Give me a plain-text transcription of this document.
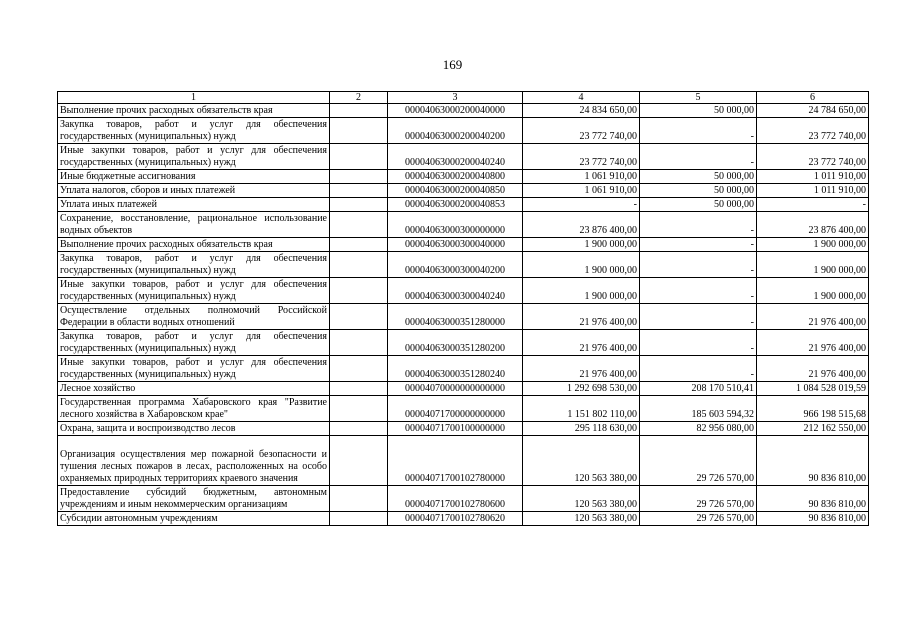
169
1	2	3	4	5	6
Выполнение прочих расходных обязательств края		00004063000200040000	24 834 650,00	50 000,00	24 784 650,00
Закупка товаров, работ и услуг для обеспечения государственных (муниципальных) нужд		00004063000200040200	23 772 740,00	-	23 772 740,00
Иные закупки товаров, работ и услуг для обеспечения государственных (муниципальных) нужд		00004063000200040240	23 772 740,00	-	23 772 740,00
Иные бюджетные ассигнования		00004063000200040800	1 061 910,00	50 000,00	1 011 910,00
Уплата налогов, сборов и иных платежей		00004063000200040850	1 061 910,00	50 000,00	1 011 910,00
Уплата иных платежей		00004063000200040853	-	50 000,00	-
Сохранение, восстановление, рациональное использование водных объектов		00004063000300000000	23 876 400,00	-	23 876 400,00
Выполнение прочих расходных обязательств края		00004063000300040000	1 900 000,00	-	1 900 000,00
Закупка товаров, работ и услуг для обеспечения государственных (муниципальных) нужд		00004063000300040200	1 900 000,00	-	1 900 000,00
Иные закупки товаров, работ и услуг для обеспечения государственных (муниципальных) нужд		00004063000300040240	1 900 000,00	-	1 900 000,00
Осуществление отдельных полномочий Российской Федерации в области водных отношений		00004063000351280000	21 976 400,00	-	21 976 400,00
Закупка товаров, работ и услуг для обеспечения государственных (муниципальных) нужд		00004063000351280200	21 976 400,00	-	21 976 400,00
Иные закупки товаров, работ и услуг для обеспечения государственных (муниципальных) нужд		00004063000351280240	21 976 400,00	-	21 976 400,00
Лесное хозяйство		00004070000000000000	1 292 698 530,00	208 170 510,41	1 084 528 019,59
Государственная программа Хабаровского края "Развитие лесного хозяйства в Хабаровском крае"		00004071700000000000	1 151 802 110,00	185 603 594,32	966 198 515,68
Охрана, защита и воспроизводство лесов		00004071700100000000	295 118 630,00	82 956 080,00	212 162 550,00
Организация осуществления мер пожарной безопасности и тушения лесных пожаров в лесах, расположенных на особо охраняемых природных территориях краевого значения		00004071700102780000	120 563 380,00	29 726 570,00	90 836 810,00
Предоставление субсидий бюджетным, автономным учреждениям и иным некоммерческим организациям		00004071700102780600	120 563 380,00	29 726 570,00	90 836 810,00
Субсидии автономным учреждениям		00004071700102780620	120 563 380,00	29 726 570,00	90 836 810,00
